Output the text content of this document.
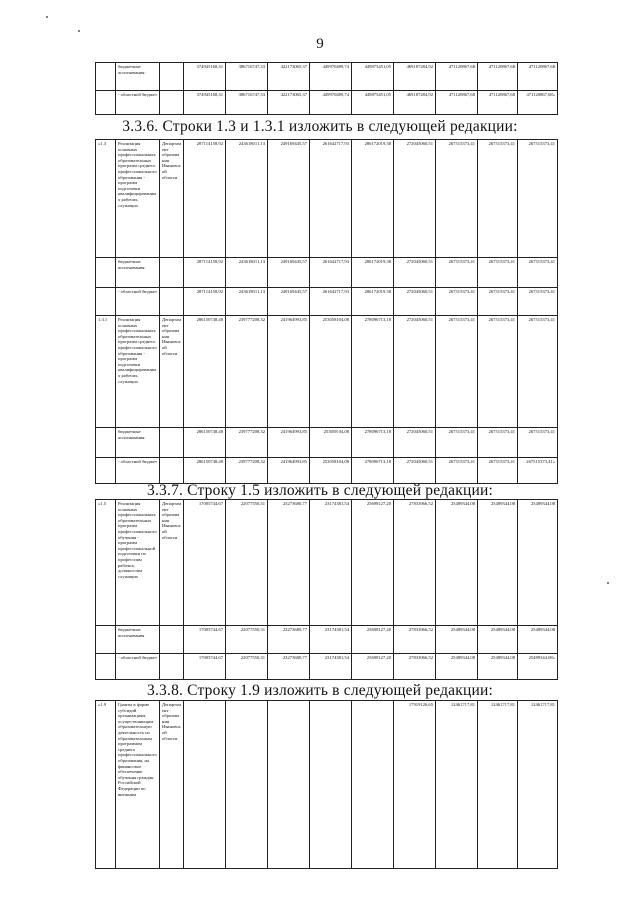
9
	бюджетные ассигнования:		374945168,31	386716747,33	422173065,37	449970489,74	449875451,05	469187284,92	471120867,68	471120867,68	471120867,68
	- областной бюджет		374945168,31	386716747,33	422173065,37	449970489,74	449875451,05	469187284,92	471120867,68	471120867,68	471120867,68»
3.3.6. Строки 1.3 и 1.3.1 изложить в следующей редакции:
«1.3	Реализация основных профессиональных образовательных программ среднего профессионального образования - программ подготовки квалифицированных рабочих, служащих	Департамент образования Ивановской области	287114158,92	243618011,13	249169445,57	261642717,93	286172019,38	272045060,51	267515373,41	267515373,41	267515373,41
	бюджетные ассигнования:		287114158,92	243618011,13	249169445,57	261642717,93	286172019,38	272045060,51	267515373,41	267515373,41	267515373,41
	- областной бюджет		287114158,92	243618011,13	249169445,57	261642717,93	286172019,38	272045060,51	267515373,41	267515373,41	267515373,41
1.3.1	Реализация основных профессиональных образовательных программ среднего профессионального образования - программ подготовки квалифицированных рабочих, служащих	Департамент образования Ивановской области	286150748,48	239777208,32	241964993,85	253058104,08	278096713,18	272045060,51	267515373,41	267515373,41	267515373,41
	бюджетные ассигнования:		286150748,48	239777208,32	241964993,85	253058 04,08	278096713,18	272045060,51	267515373,41	267515373,41	267515373,41
	- областной бюджет		286150748,48	239777208,32	241964993,85	253058104,08	278096713,18	272045060,51	267515373,41	267515373,41	267515373,41»
3.3.7. Строку 1.5 изложить в следующей редакции:
«1.5	Реализация основных профессиональных образовательных программ профессионального обучения - программ профессиональной подготовки по профессиям рабочих, должностям служащих	Департамент образования Ивановской области	17005744,67	22077550,31	23273680,77	23174381,54	25698127,20	27833966,52	25489344,08	25489344,08	25489344,08
	бюджетные ассигнования		17005744,67	22077550,31	23273680,77	23174381,54	25698127,20	27833966,52	25489344,08	25489344,08	25489344,08
	- областной бюджет		17005744,67	22077550,31	23273680,77	23174381,54	25698127,20	27833966,52	25489344,08	25489344,08	25489344,08»
3.3.8. Строку 1.9 изложить в следующей редакции:
«1.9	Гранты в форме субсидий организациям, осуществляющим образовательную деятельность по образовательным программам среднего профессионального образования, на финансовое обеспечение обучения граждан Российской Федерации по внешним	Департамент образования Ивановской области						17919126,65	12461717,81	12461717,81	12461717,81
